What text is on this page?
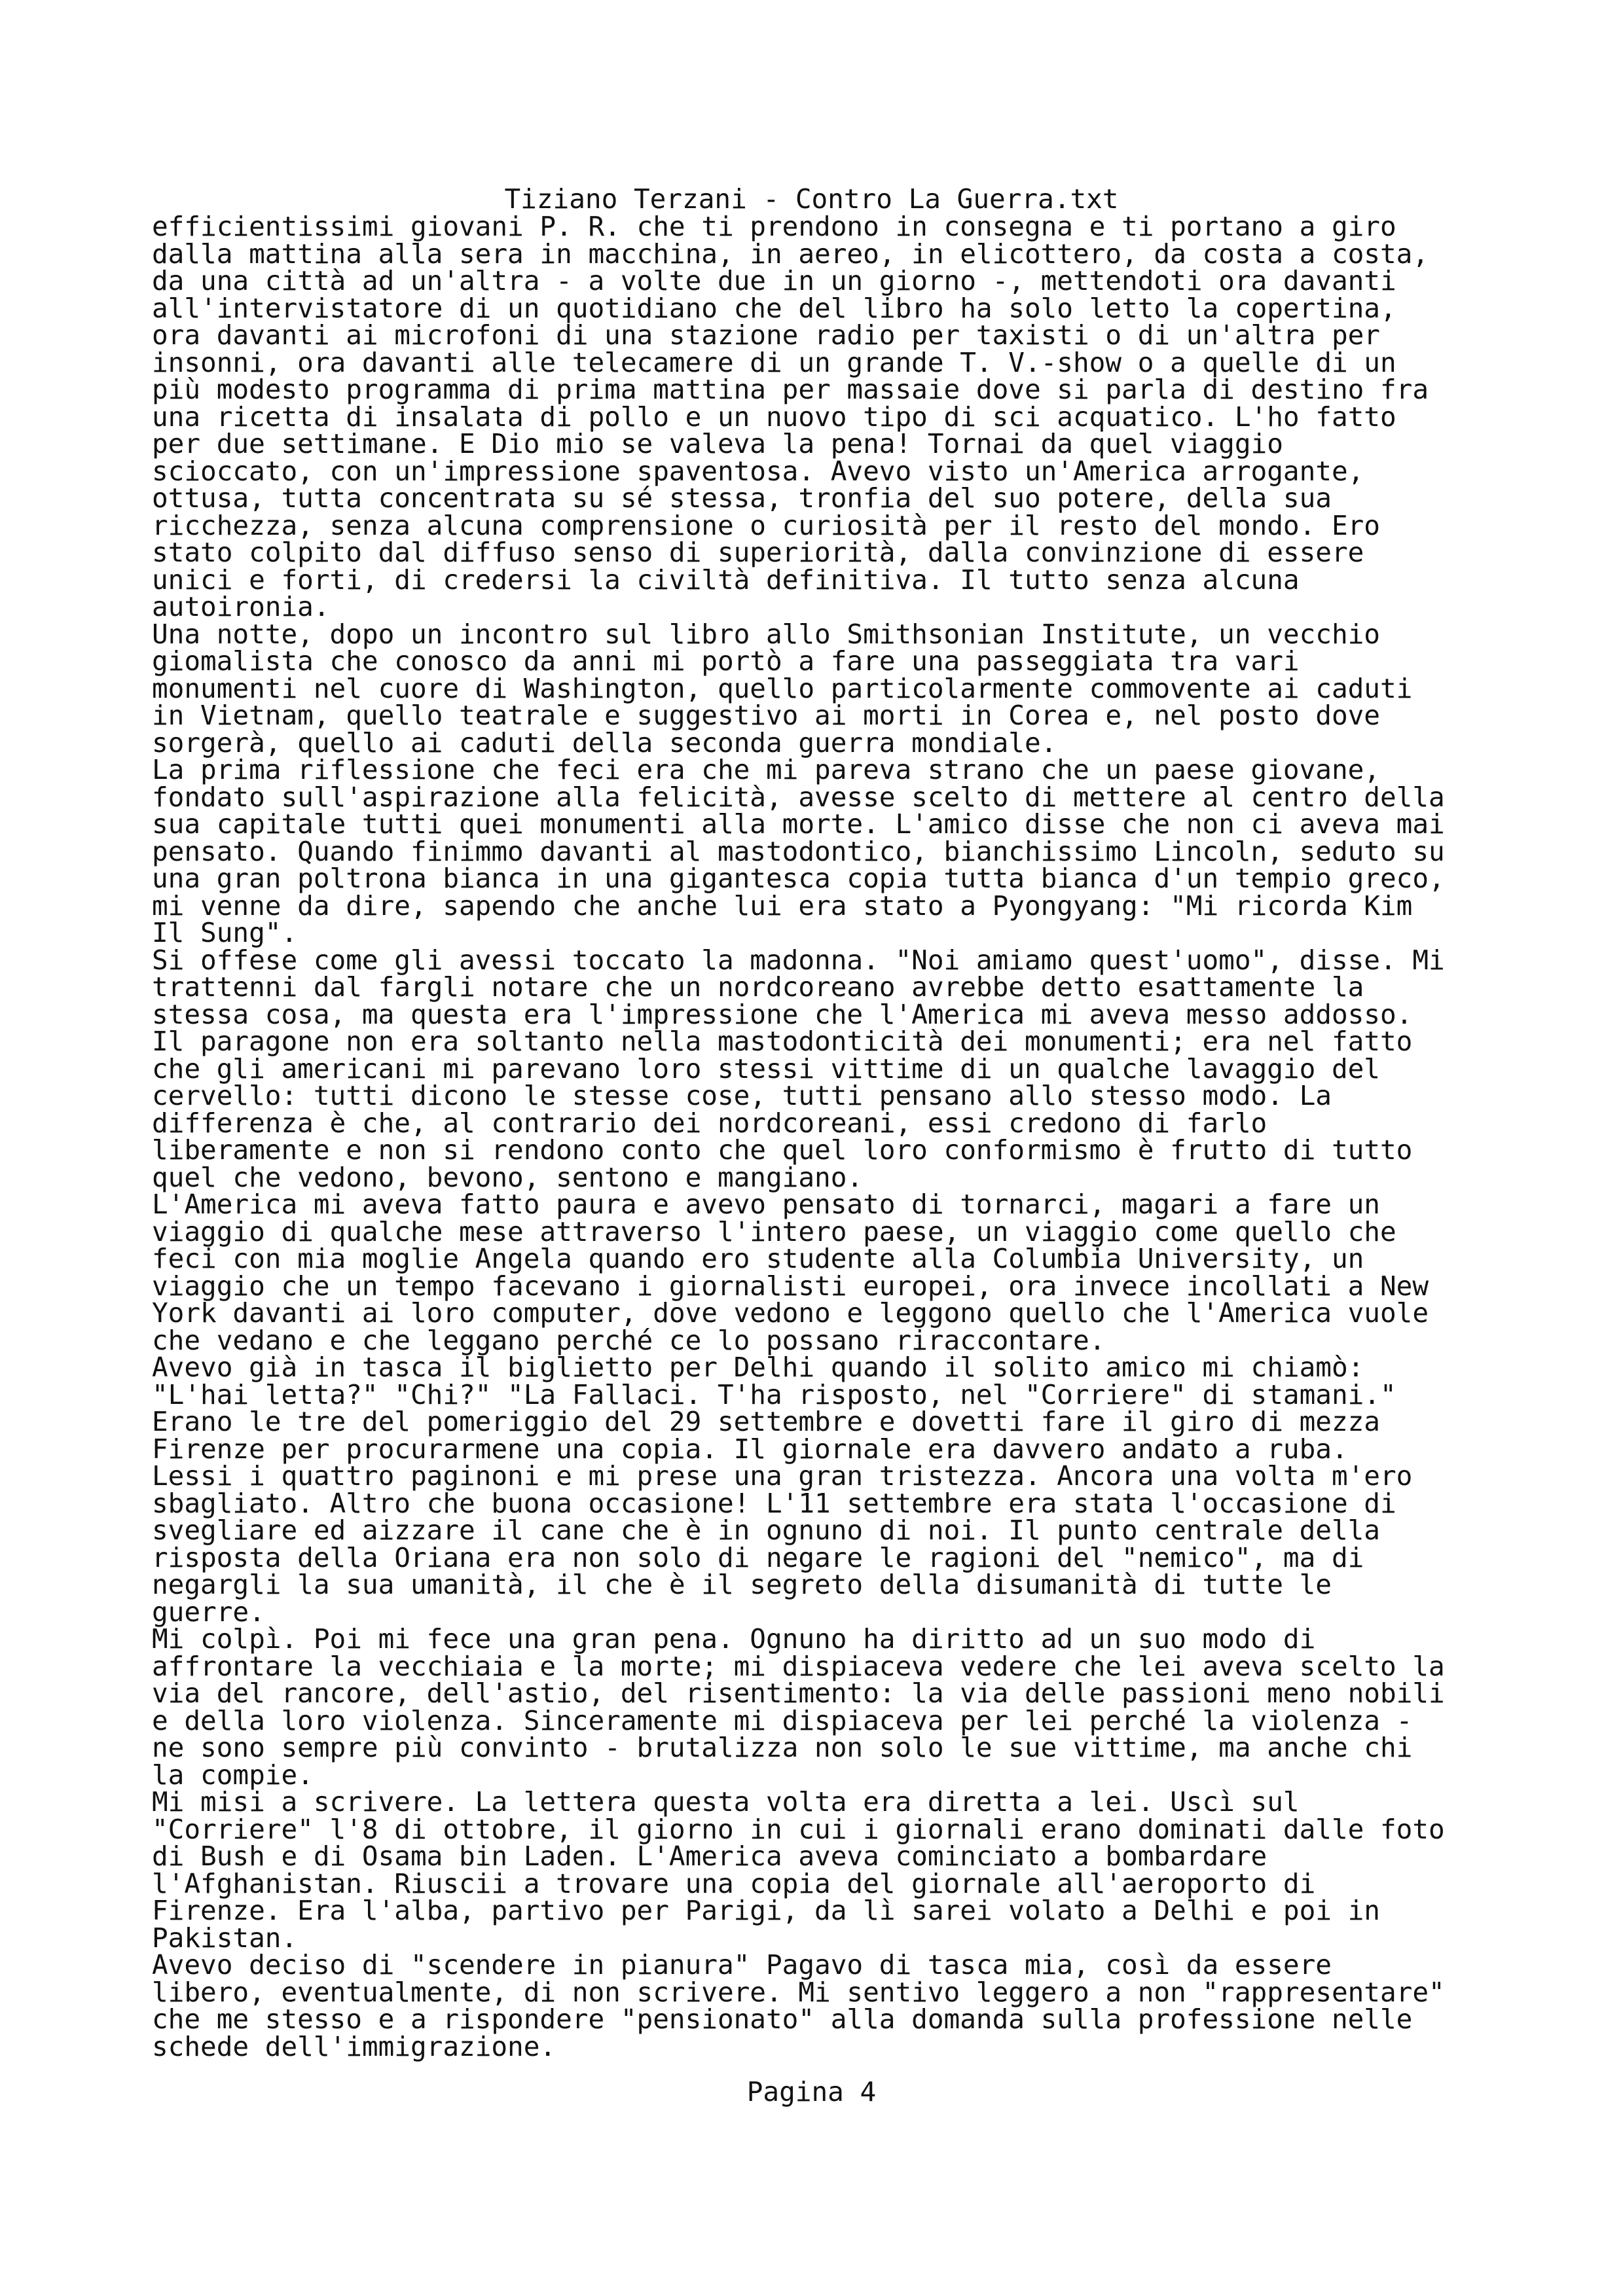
Tiziano Terzani - Contro La Guerra.txt
efficientissimi giovani P. R. che ti prendono in consegna e ti portano a giro
dalla mattina alla sera in macchina, in aereo, in elicottero, da costa a costa,
da una città ad un'altra - a volte due in un giorno -, mettendoti ora davanti
all'intervistatore di un quotidiano che del libro ha solo letto la copertina,
ora davanti ai microfoni di una stazione radio per taxisti o di un'altra per
insonni, ora davanti alle telecamere di un grande T. V.-show o a quelle di un
più modesto programma di prima mattina per massaie dove si parla di destino fra
una ricetta di insalata di pollo e un nuovo tipo di sci acquatico. L'ho fatto
per due settimane. E Dio mio se valeva la pena! Tornai da quel viaggio
scioccato, con un'impressione spaventosa. Avevo visto un'America arrogante,
ottusa, tutta concentrata su sé stessa, tronfia del suo potere, della sua
ricchezza, senza alcuna comprensione o curiosità per il resto del mondo. Ero
stato colpito dal diffuso senso di superiorità, dalla convinzione di essere
unici e forti, di credersi la civiltà definitiva. Il tutto senza alcuna
autoironia.
Una notte, dopo un incontro sul libro allo Smithsonian Institute, un vecchio
giomalista che conosco da anni mi portò a fare una passeggiata tra vari
monumenti nel cuore di Washington, quello particolarmente commovente ai caduti
in Vietnam, quello teatrale e suggestivo ai morti in Corea e, nel posto dove
sorgerà, quello ai caduti della seconda guerra mondiale.
La prima riflessione che feci era che mi pareva strano che un paese giovane,
fondato sull'aspirazione alla felicità, avesse scelto di mettere al centro della
sua capitale tutti quei monumenti alla morte. L'amico disse che non ci aveva mai
pensato. Quando finimmo davanti al mastodontico, bianchissimo Lincoln, seduto su
una gran poltrona bianca in una gigantesca copia tutta bianca d'un tempio greco,
mi venne da dire, sapendo che anche lui era stato a Pyongyang: "Mi ricorda Kim
Il Sung".
Si offese come gli avessi toccato la madonna. "Noi amiamo quest'uomo", disse. Mi
trattenni dal fargli notare che un nordcoreano avrebbe detto esattamente la
stessa cosa, ma questa era l'impressione che l'America mi aveva messo addosso.
Il paragone non era soltanto nella mastodonticità dei monumenti; era nel fatto
che gli americani mi parevano loro stessi vittime di un qualche lavaggio del
cervello: tutti dicono le stesse cose, tutti pensano allo stesso modo. La
differenza è che, al contrario dei nordcoreani, essi credono di farlo
liberamente e non si rendono conto che quel loro conformismo è frutto di tutto
quel che vedono, bevono, sentono e mangiano.
L'America mi aveva fatto paura e avevo pensato di tornarci, magari a fare un
viaggio di qualche mese attraverso l'intero paese, un viaggio come quello che
feci con mia moglie Angela quando ero studente alla Columbia University, un
viaggio che un tempo facevano i giornalisti europei, ora invece incollati a New
York davanti ai loro computer, dove vedono e leggono quello che l'America vuole
che vedano e che leggano perché ce lo possano riraccontare.
Avevo già in tasca il biglietto per Delhi quando il solito amico mi chiamò:
"L'hai letta?" "Chi?" "La Fallaci. T'ha risposto, nel "Corriere" di stamani."
Erano le tre del pomeriggio del 29 settembre e dovetti fare il giro di mezza
Firenze per procurarmene una copia. Il giornale era davvero andato a ruba.
Lessi i quattro paginoni e mi prese una gran tristezza. Ancora una volta m'ero
sbagliato. Altro che buona occasione! L'11 settembre era stata l'occasione di
svegliare ed aizzare il cane che è in ognuno di noi. Il punto centrale della
risposta della Oriana era non solo di negare le ragioni del "nemico", ma di
negargli la sua umanità, il che è il segreto della disumanità di tutte le
guerre.
Mi colpì. Poi mi fece una gran pena. Ognuno ha diritto ad un suo modo di
affrontare la vecchiaia e la morte; mi dispiaceva vedere che lei aveva scelto la
via del rancore, dell'astio, del risentimento: la via delle passioni meno nobili
e della loro violenza. Sinceramente mi dispiaceva per lei perché la violenza -
ne sono sempre più convinto - brutalizza non solo le sue vittime, ma anche chi
la compie.
Mi misi a scrivere. La lettera questa volta era diretta a lei. Uscì sul
"Corriere" l'8 di ottobre, il giorno in cui i giornali erano dominati dalle foto
di Bush e di Osama bin Laden. L'America aveva cominciato a bombardare
l'Afghanistan. Riuscii a trovare una copia del giornale all'aeroporto di
Firenze. Era l'alba, partivo per Parigi, da lì sarei volato a Delhi e poi in
Pakistan.
Avevo deciso di "scendere in pianura" Pagavo di tasca mia, così da essere
libero, eventualmente, di non scrivere. Mi sentivo leggero a non "rappresentare"
che me stesso e a rispondere "pensionato" alla domanda sulla professione nelle
schede dell'immigrazione.
Pagina 4
